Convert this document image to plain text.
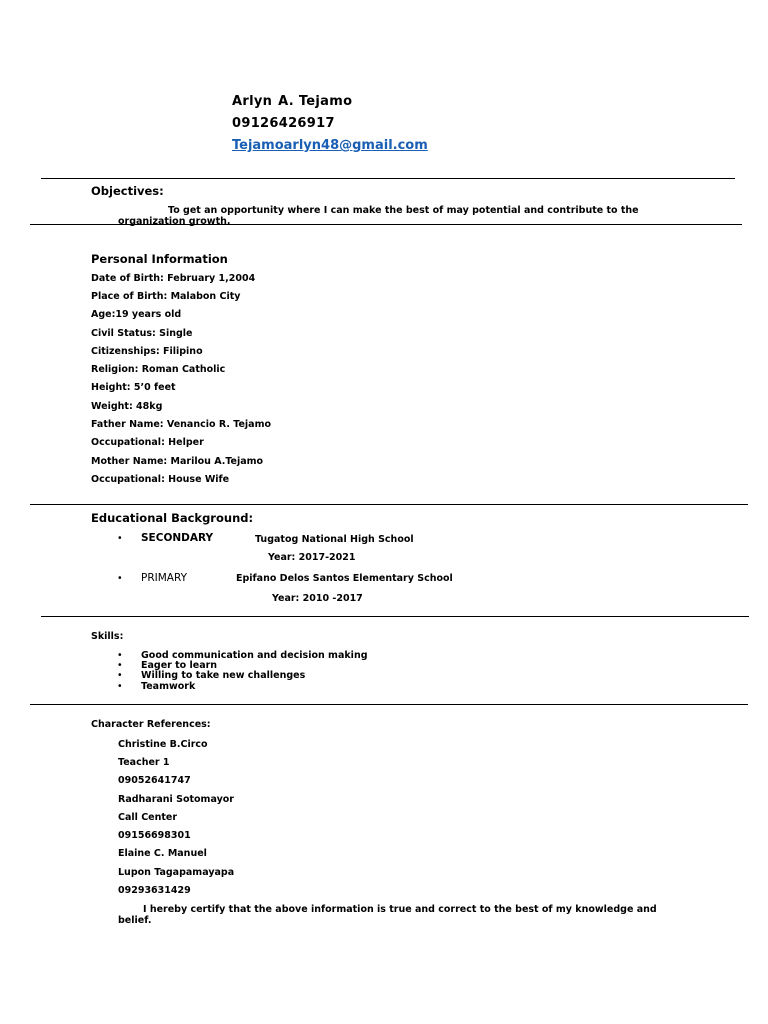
Arlyn A. Tejamo
09126426917
Tejamoarlyn48@gmail.com
Objectives:
To get an opportunity where I can make the best of may potential and contribute to the organization growth.
Personal Information
Date of Birth: February 1,2004
Place of Birth: Malabon City
Age:19 years old
Civil Status: Single
Citizenships: Filipino
Religion: Roman Catholic
Height: 5’0 feet
Weight: 48kg
Father Name: Venancio R. Tejamo
Occupational: Helper
Mother Name: Marilou A.Tejamo
Occupational: House Wife
Educational Background:
• SECONDARY	Tugatog National High School
Year: 2017-2021
• PRIMARY	Epifano Delos Santos Elementary School
Year: 2010 -2017
Skills:
• Good communication and decision making
• Eager to learn
• Willing to take new challenges
• Teamwork
Character References:
Christine B.Circo
Teacher 1
09052641747
Radharani Sotomayor
Call Center
09156698301
Elaine C. Manuel
Lupon Tagapamayapa
09293631429
I hereby certify that the above information is true and correct to the best of my knowledge and belief.
